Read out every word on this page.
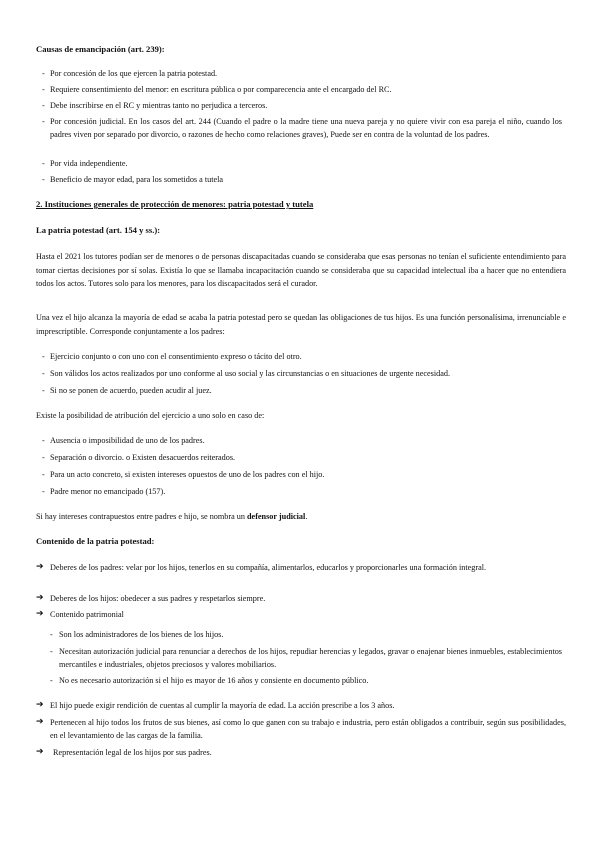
Causas de emancipación (art. 239):
- Por concesión de los que ejercen la patria potestad.
- Requiere consentimiento del menor: en escritura pública o por comparecencia ante el encargado del RC.
- Debe inscribirse en el RC y mientras tanto no perjudica a terceros.
- Por concesión judicial. En los casos del art. 244 (Cuando el padre o la madre tiene una nueva pareja y no quiere vivir con esa pareja el niño, cuando los padres viven por separado por divorcio, o razones de hecho como relaciones graves), Puede ser en contra de la voluntad de los padres.
- Por vida independiente.
- Beneficio de mayor edad, para los sometidos a tutela
2. Instituciones generales de protección de menores: patria potestad y tutela
La patria potestad (art. 154 y ss.):
Hasta el 2021 los tutores podían ser de menores o de personas discapacitadas cuando se consideraba que esas personas no tenían el suficiente entendimiento para tomar ciertas decisiones por sí solas. Existía lo que se llamaba incapacitación cuando se consideraba que su capacidad intelectual iba a hacer que no entendiera todos los actos. Tutores solo para los menores, para los discapacitados será el curador.
Una vez el hijo alcanza la mayoría de edad se acaba la patria potestad pero se quedan las obligaciones de tus hijos. Es una función personalísima, irrenunciable e imprescriptible. Corresponde conjuntamente a los padres:
- Ejercicio conjunto o con uno con el consentimiento expreso o tácito del otro.
- Son válidos los actos realizados por uno conforme al uso social y las circunstancias o en situaciones de urgente necesidad.
- Si no se ponen de acuerdo, pueden acudir al juez.
Existe la posibilidad de atribución del ejercicio a uno solo en caso de:
- Ausencia o imposibilidad de uno de los padres.
- Separación o divorcio. o Existen desacuerdos reiterados.
- Para un acto concreto, si existen intereses opuestos de uno de los padres con el hijo.
- Padre menor no emancipado (157).
Si hay intereses contrapuestos entre padres e hijo, se nombra un defensor judicial.
Contenido de la patria potestad:
➔ Deberes de los padres: velar por los hijos, tenerlos en su compañía, alimentarlos, educarlos y proporcionarles una formación integral.
➔ Deberes de los hijos: obedecer a sus padres y respetarlos siempre.
➔ Contenido patrimonial
- Son los administradores de los bienes de los hijos.
- Necesitan autorización judicial para renunciar a derechos de los hijos, repudiar herencias y legados, gravar o enajenar bienes inmuebles, establecimientos mercantiles e industriales, objetos preciosos y valores mobiliarios.
- No es necesario autorización si el hijo es mayor de 16 años y consiente en documento público.
➔ El hijo puede exigir rendición de cuentas al cumplir la mayoría de edad. La acción prescribe a los 3 años.
➔ Pertenecen al hijo todos los frutos de sus bienes, así como lo que ganen con su trabajo e industria, pero están obligados a contribuir, según sus posibilidades, en el levantamiento de las cargas de la familia.
➔	Representación legal de los hijos por sus padres.
